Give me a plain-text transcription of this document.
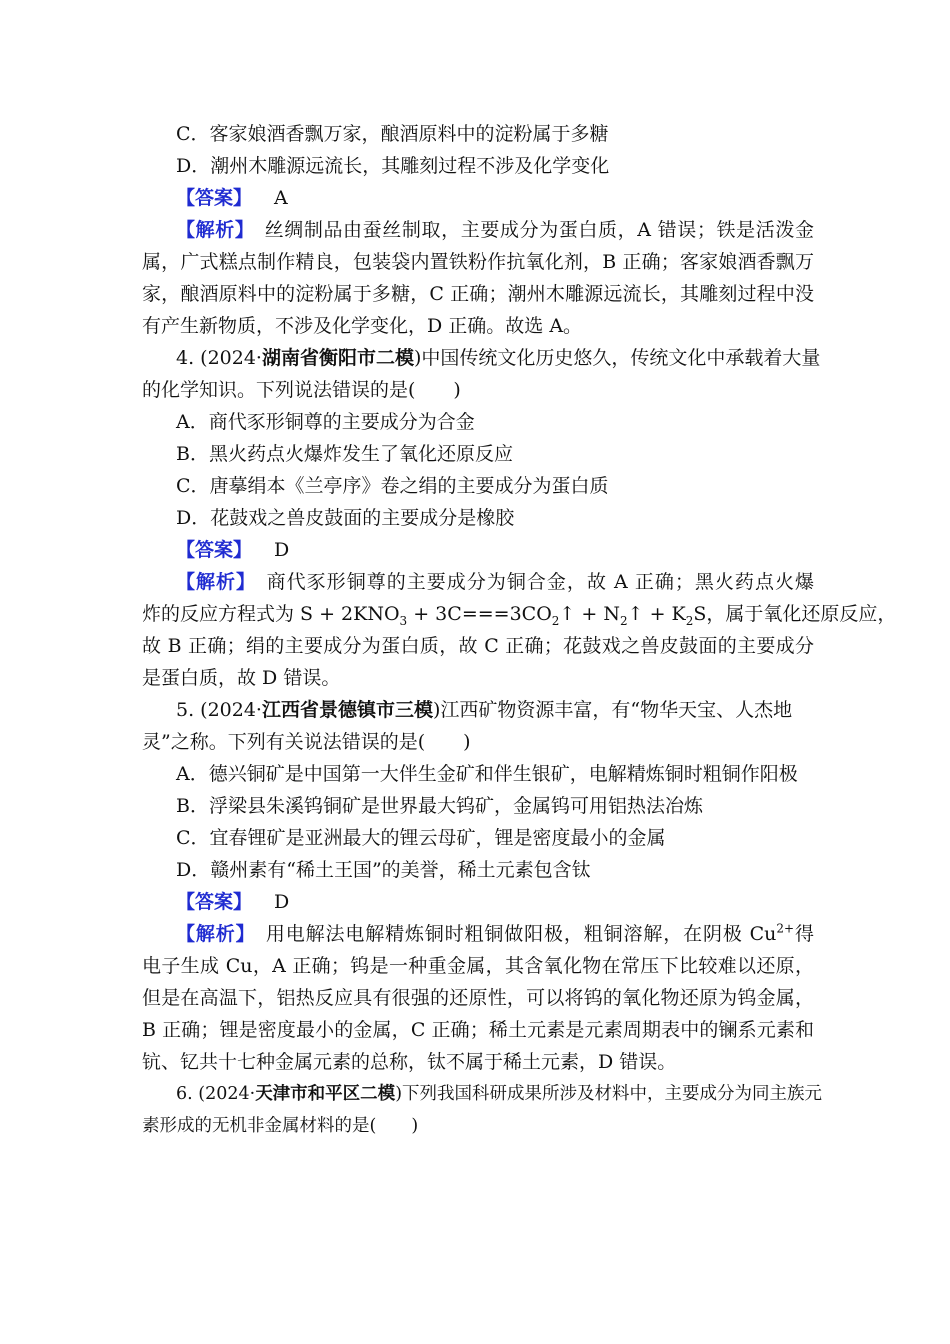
C．客家娘酒香飘万家，酿酒原料中的淀粉属于多糖
D．潮州木雕源远流长，其雕刻过程不涉及化学变化
【答案】 A
【解析】　 丝绸制品由蚕丝制取，主要成分为蛋白质，A 错误；铁是活泼金
属，广式糕点制作精良，包装袋内置铁粉作抗氧化剂，B 正确；客家娘酒香飘万
家，酿酒原料中的淀粉属于多糖，C 正确；潮州木雕源远流长，其雕刻过程中没
有产生新物质，不涉及化学变化，D 正确。故选 A。
4. (2024·湖南省衡阳市二模)中国传统文化历史悠久，传统文化中承载着大量
的化学知识。下列说法错误的是(　　)
A．商代豕形铜尊的主要成分为合金
B．黑火药点火爆炸发生了氧化还原反应
C．唐摹绢本《兰亭序》卷之绢的主要成分为蛋白质
D．花鼓戏之兽皮鼓面的主要成分是橡胶
【答案】 D
【解析】　 商代豕形铜尊的主要成分为铜合金，故 A 正确；黑火药点火爆
炸的反应方程式为 $S + 2KNO_3$ + $3C===3CO_2↑$ + $N_2↑ + K_2S$，属于氧化还原反应，
故 B 正确；绢的主要成分为蛋白质，故 C 正确；花鼓戏之兽皮鼓面的主要成分
是蛋白质，故 D 错误。
5. (2024·江西省景德镇市三模)江西矿物资源丰富，有“物华天宝、人杰地
灵”之称。下列有关说法错误的是(　　)
A．德兴铜矿是中国第一大伴生金矿和伴生银矿，电解精炼铜时粗铜作阳极
B．浮梁县朱溪钨铜矿是世界最大钨矿，金属钨可用铝热法冶炼
C．宜春锂矿是亚洲最大的锂云母矿，锂是密度最小的金属
D．赣州素有“稀土王国”的美誉，稀土元素包含钛
【答案】 D
【解析】　 用电解法电解精炼铜时粗铜做阳极，粗铜溶解，在阴极 $Cu^{2+}$得
电子生成 Cu，A 正确；钨是一种重金属，其含氧化物在常压下比较难以还原，
但是在高温下，铝热反应具有很强的还原性，可以将钨的氧化物还原为钨金属，
B 正确；锂是密度最小的金属，C 正确；稀土元素是元素周期表中的镧系元素和
钪、钇共十七种金属元素的总称，钛不属于稀土元素，D 错误。
6. (2024·天津市和平区二模)下列我国科研成果所涉及材料中，主要成分为同主族元
素形成的无机非金属材料的是(　　)
